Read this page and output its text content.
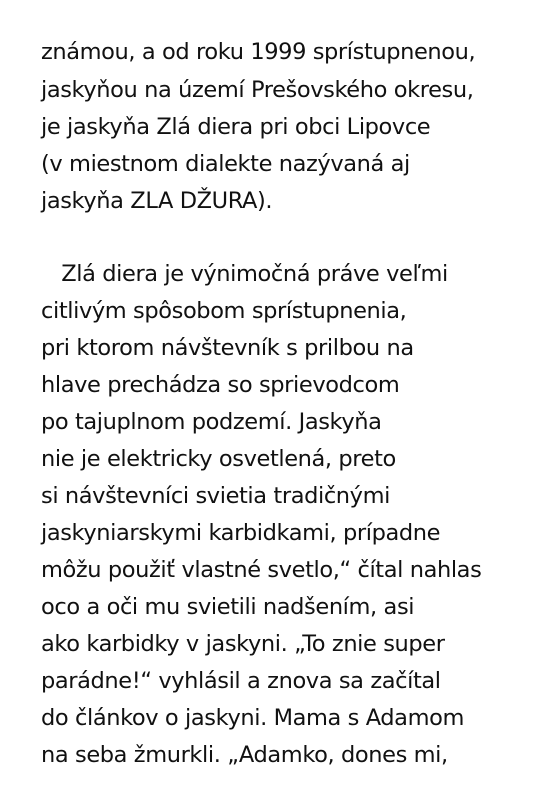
známou, a od roku 1999 sprístupnenou,
jaskyňou na území Prešovského okresu,
je jaskyňa Zlá diera pri obci Lipovce
(v miestnom dialekte nazývaná aj
jaskyňa ZLA DŽURA).
Zlá diera je výnimočná práve veľmi
citlivým spôsobom sprístupnenia,
pri ktorom návštevník s prilbou na
hlave prechádza so sprievodcom
po tajuplnom podzemí. Jaskyňa
nie je elektricky osvetlená, preto
si návštevníci svietia tradičnými
jaskyniarskymi karbidkami, prípadne
môžu použiť vlastné svetlo,“ čítal nahlas
oco a oči mu svietili nadšením, asi
ako karbidky v jaskyni. „To znie super
parádne!“ vyhlásil a znova sa začítal
do článkov o jaskyni. Mama s Adamom
na seba žmurkli. „Adamko, dones mi,
